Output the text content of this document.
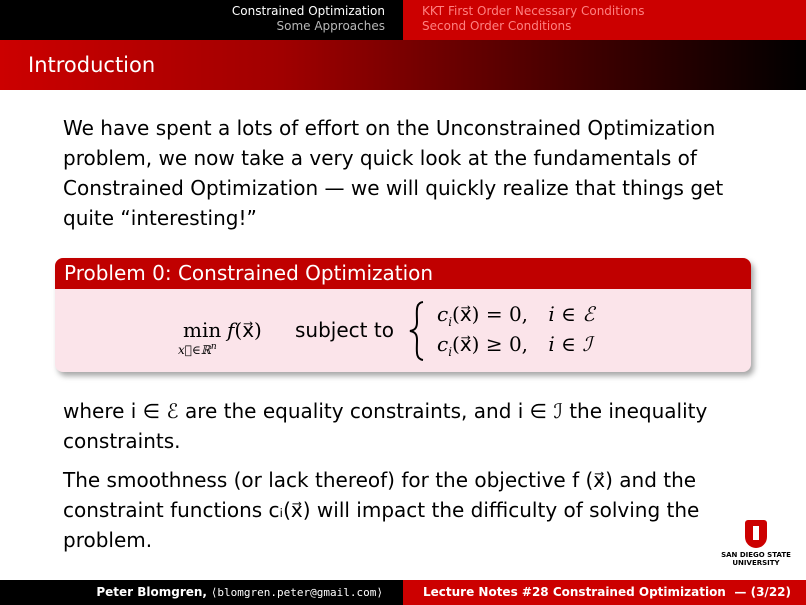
Constrained Optimization
Some Approaches
KKT First Order Necessary Conditions
Second Order Conditions
Introduction
We have spent a lots of effort on the Unconstrained Optimization
problem, we now take a very quick look at the fundamentals of
Constrained Optimization — we will quickly realize that things get
quite “interesting!”
Problem 0: Constrained Optimization
min
x⃗∈ℝ$^n$
f(x⃗) subject to
$c_i(x⃗) = 0$, i ∈ ℰ
$c_i(x⃗) \ge 0$, i ∈ ℐ
where i ∈ ℰ are the equality constraints, and i ∈ ℐ the inequality
constraints.
The smoothness (or lack thereof) for the objective f (x⃗) and the
constraint functions cᵢ(x⃗) will impact the difficulty of solving the
problem.
SAN DIEGO STATE
UNIVERSITY
Peter Blomgren, ⟨blomgren.peter@gmail.com⟩	Lecture Notes #28 Constrained Optimization — (3/22)
